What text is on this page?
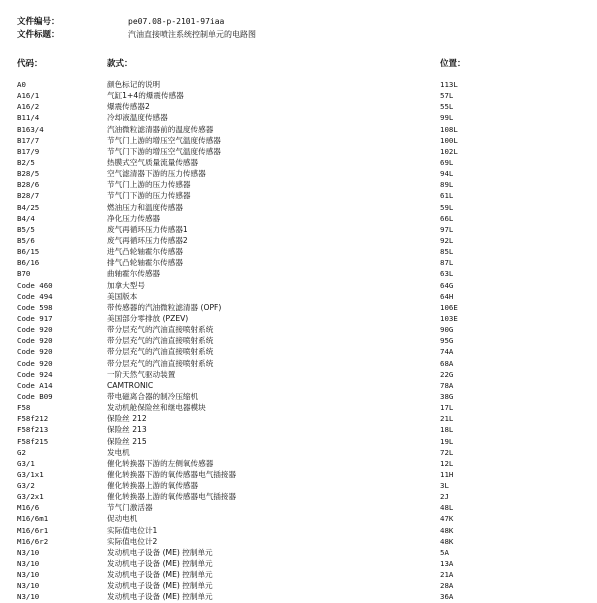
文件编号：	pe07.08-p-2101-97iaa
文件标题：	汽油直接喷注系统控制单元的电路图
代码：	款式：	位置：
A0	颜色标记的说明	113L
A16/1	气缸1+4的爆震传感器	57L
A16/2	爆震传感器2	55L
B11/4	冷却液温度传感器	99L
B163/4	汽油微粒滤清器前的温度传感器	108L
B17/7	节气门上游的增压空气温度传感器	100L
B17/9	节气门下游的增压空气温度传感器	102L
B2/5	热膜式空气质量流量传感器	69L
B28/5	空气滤清器下游的压力传感器	94L
B28/6	节气门上游的压力传感器	89L
B28/7	节气门下游的压力传感器	61L
B4/25	燃油压力和温度传感器	59L
B4/4	净化压力传感器	66L
B5/5	废气再循环压力传感器1	97L
B5/6	废气再循环压力传感器2	92L
B6/15	进气凸轮轴霍尔传感器	85L
B6/16	排气凸轮轴霍尔传感器	87L
B70	曲轴霍尔传感器	63L
Code 460	加拿大型号	64G
Code 494	美国版本	64H
Code 598	带传感器的汽油微粒滤清器 (OPF)	106E
Code 917	美国部分零排放 (PZEV)	103E
Code 920	带分层充气的汽油直接喷射系统	90G
Code 920	带分层充气的汽油直接喷射系统	95G
Code 920	带分层充气的汽油直接喷射系统	74A
Code 920	带分层充气的汽油直接喷射系统	68A
Code 924	一阶天然气驱动装置	22G
Code A14	CAMTRONIC	78A
Code B09	带电磁离合器的制冷压缩机	38G
F58	发动机舱保险丝和继电器模块	17L
F58f212	保险丝 212	21L
F58f213	保险丝 213	18L
F58f215	保险丝 215	19L
G2	发电机	72L
G3/1	催化转换器下游的左侧氧传感器	12L
G3/1x1	催化转换器下游的氧传感器电气插接器	11H
G3/2	催化转换器上游的氧传感器	3L
G3/2x1	催化转换器上游的氧传感器电气插接器	2J
M16/6	节气门激活器	48L
M16/6m1	促动电机	47K
M16/6r1	实际值电位计1	48K
M16/6r2	实际值电位计2	48K
N3/10	发动机电子设备 (ME) 控制单元	5A
N3/10	发动机电子设备 (ME) 控制单元	13A
N3/10	发动机电子设备 (ME) 控制单元	21A
N3/10	发动机电子设备 (ME) 控制单元	28A
N3/10	发动机电子设备 (ME) 控制单元	36A
